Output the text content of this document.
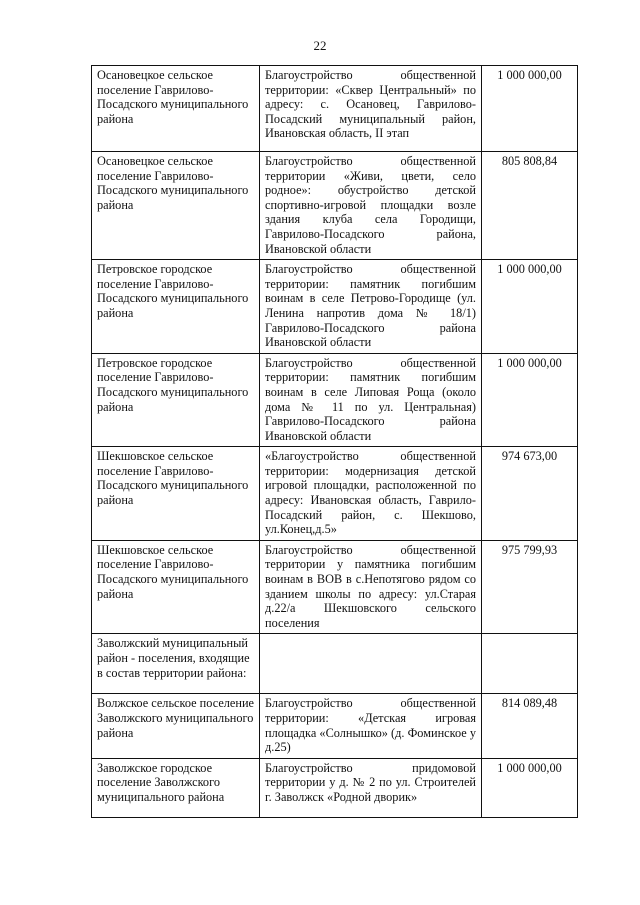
22
Осановецкое сельское поселение Гаврилово-Посадского муниципального района	Благоустройство общественной территории: «Сквер Центральный» по адресу: с. Осановец, Гаврилово-Посадский муниципальный район, Ивановская область, II этап	1 000 000,00
Осановецкое сельское поселение Гаврилово-Посадского муниципального района	Благоустройство общественной территории «Живи, цвети, село родное»: обустройство детской спортивно-игровой площадки возле здания клуба села Городищи, Гаврилово-Посадского района, Ивановской области	805 808,84
Петровское городское поселение Гаврилово-Посадского муниципального района	Благоустройство общественной территории: памятник погибшим воинам в селе Петрово-Городище (ул. Ленина напротив дома № 18/1) Гаврилово-Посадского района Ивановской области	1 000 000,00
Петровское городское поселение Гаврилово-Посадского муниципального района	Благоустройство общественной территории: памятник погибшим воинам в селе Липовая Роща (около дома № 11 по ул. Центральная) Гаврилово-Посадского района Ивановской области	1 000 000,00
Шекшовское сельское поселение Гаврилово-Посадского муниципального района	«Благоустройство общественной территории: модернизация детской игровой площадки, расположенной по адресу: Ивановская область, Гаврило-Посадский район, с. Шекшово, ул.Конец,д.5»	974 673,00
Шекшовское сельское поселение Гаврилово-Посадского муниципального района	Благоустройство общественной территории у памятника погибшим воинам в ВОВ в с.Непотягово рядом со зданием школы по адресу: ул.Старая д.22/а Шекшовского сельского поселения	975 799,93
Заволжский муниципальный район - поселения, входящие в состав территории района:		
Волжское сельское поселение Заволжского муниципального района	Благоустройство общественной территории: «Детская игровая площадка «Солнышко» (д. Фоминское у д.25)	814 089,48
Заволжское городское поселение Заволжского муниципального района	Благоустройство придомовой территории у д. № 2 по ул. Строителей г. Заволжск «Родной дворик»	1 000 000,00
